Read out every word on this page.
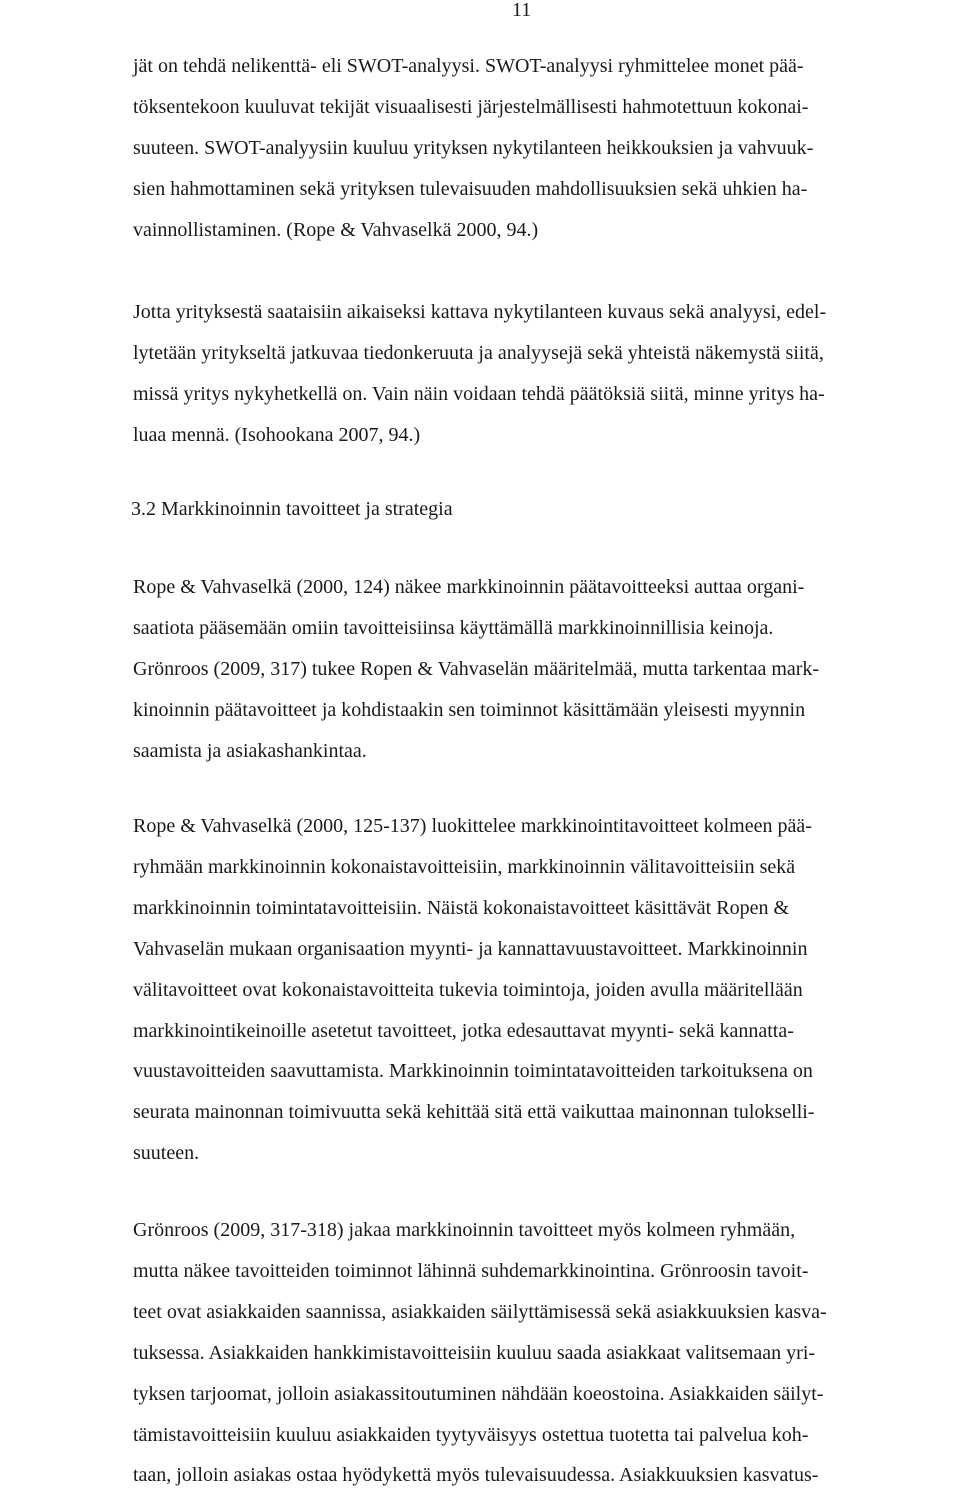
11
jät on tehdä nelikenttä- eli SWOT-analyysi. SWOT-analyysi ryhmittelee monet pää-
töksentekoon kuuluvat tekijät visuaalisesti järjestelmällisesti hahmotettuun kokonai-
suuteen. SWOT-analyysiin kuuluu yrityksen nykytilanteen heikkouksien ja vahvuuk-
sien hahmottaminen sekä yrityksen tulevaisuuden mahdollisuuksien sekä uhkien ha-
vainnollistaminen. (Rope & Vahvaselkä 2000, 94.)
Jotta yrityksestä saataisiin aikaiseksi kattava nykytilanteen kuvaus sekä analyysi, edel-
lytetään yritykseltä jatkuvaa tiedonkeruuta ja analyysejä sekä yhteistä näkemystä siitä,
missä yritys nykyhetkellä on. Vain näin voidaan tehdä päätöksiä siitä, minne yritys ha-
luaa mennä. (Isohookana 2007, 94.)
3.2 Markkinoinnin tavoitteet ja strategia
Rope & Vahvaselkä (2000, 124) näkee markkinoinnin päätavoitteeksi auttaa organi-
saatiota pääsemään omiin tavoitteisiinsa käyttämällä markkinoinnillisia keinoja.
Grönroos (2009, 317) tukee Ropen & Vahvaselän määritelmää, mutta tarkentaa mark-
kinoinnin päätavoitteet ja kohdistaakin sen toiminnot käsittämään yleisesti myynnin
saamista ja asiakashankintaa.
Rope & Vahvaselkä (2000, 125-137) luokittelee markkinointitavoitteet kolmeen pää-
ryhmään markkinoinnin kokonaistavoitteisiin, markkinoinnin välitavoitteisiin sekä
markkinoinnin toimintatavoitteisiin. Näistä kokonaistavoitteet käsittävät Ropen &
Vahvaselän mukaan organisaation myynti- ja kannattavuustavoitteet. Markkinoinnin
välitavoitteet ovat kokonaistavoitteita tukevia toimintoja, joiden avulla määritellään
markkinointikeinoille asetetut tavoitteet, jotka edesauttavat myynti- sekä kannatta-
vuustavoitteiden saavuttamista. Markkinoinnin toimintatavoitteiden tarkoituksena on
seurata mainonnan toimivuutta sekä kehittää sitä että vaikuttaa mainonnan tulokselli-
suuteen.
Grönroos (2009, 317-318) jakaa markkinoinnin tavoitteet myös kolmeen ryhmään,
mutta näkee tavoitteiden toiminnot lähinnä suhdemarkkinointina. Grönroosin tavoit-
teet ovat asiakkaiden saannissa, asiakkaiden säilyttämisessä sekä asiakkuuksien kasva-
tuksessa. Asiakkaiden hankkimistavoitteisiin kuuluu saada asiakkaat valitsemaan yri-
tyksen tarjoomat, jolloin asiakassitoutuminen nähdään koeostoina. Asiakkaiden säilyt-
tämistavoitteisiin kuuluu asiakkaiden tyytyväisyys ostettua tuotetta tai palvelua koh-
taan, jolloin asiakas ostaa hyödykettä myös tulevaisuudessa. Asiakkuuksien kasvatus-
